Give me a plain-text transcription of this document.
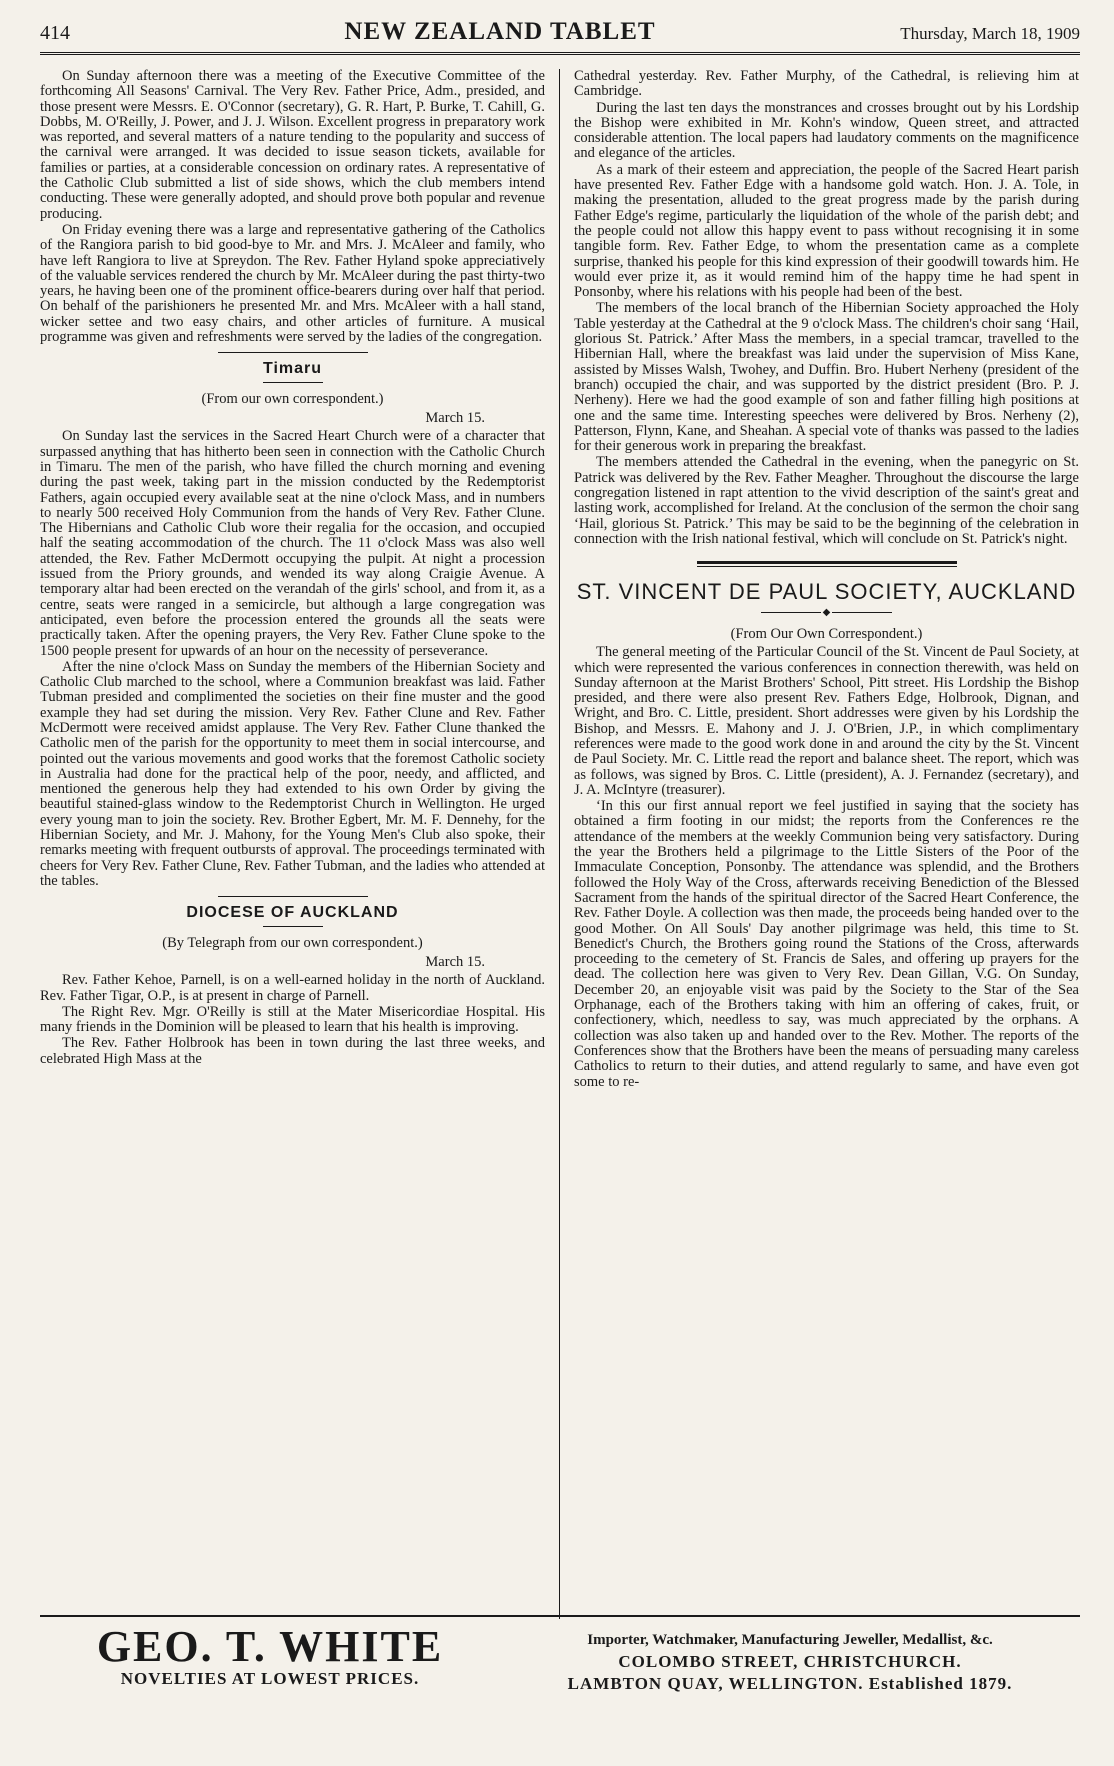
414	NEW ZEALAND TABLET	Thursday, March 18, 1909

On Sunday afternoon there was a meeting of the Executive Committee of the forthcoming All Seasons' Carnival. The Very Rev. Father Price, Adm., presided, and those present were Messrs. E. O'Connor (secretary), G. R. Hart, P. Burke, T. Cahill, G. Dobbs, M. O'Reilly, J. Power, and J. J. Wilson. Excellent progress in preparatory work was reported, and several matters of a nature tending to the popularity and success of the carnival were arranged. It was decided to issue season tickets, available for families or parties, at a considerable concession on ordinary rates. A representative of the Catholic Club submitted a list of side shows, which the club members intend conducting. These were generally adopted, and should prove both popular and revenue producing.

On Friday evening there was a large and representative gathering of the Catholics of the Rangiora parish to bid good-bye to Mr. and Mrs. J. McAleer and family, who have left Rangiora to live at Spreydon. The Rev. Father Hyland spoke appreciatively of the valuable services rendered the church by Mr. McAleer during the past thirty-two years, he having been one of the prominent office-bearers during over half that period. On behalf of the parishioners he presented Mr. and Mrs. McAleer with a hall stand, wicker settee and two easy chairs, and other articles of furniture. A musical programme was given and refreshments were served by the ladies of the congregation.

Timaru
(From our own correspondent.)
March 15.

On Sunday last the services in the Sacred Heart Church were of a character that surpassed anything that has hitherto been seen in connection with the Catholic Church in Timaru. The men of the parish, who have filled the church morning and evening during the past week, taking part in the mission conducted by the Redemptorist Fathers, again occupied every available seat at the nine o'clock Mass, and in numbers to nearly 500 received Holy Communion from the hands of Very Rev. Father Clune. The Hibernians and Catholic Club wore their regalia for the occasion, and occupied half the seating accommodation of the church. The 11 o'clock Mass was also well attended, the Rev. Father McDermott occupying the pulpit. At night a procession issued from the Priory grounds, and wended its way along Craigie Avenue. A temporary altar had been erected on the verandah of the girls' school, and from it, as a centre, seats were ranged in a semicircle, but although a large congregation was anticipated, even before the procession entered the grounds all the seats were practically taken. After the opening prayers, the Very Rev. Father Clune spoke to the 1500 people present for upwards of an hour on the necessity of perseverance.

After the nine o'clock Mass on Sunday the members of the Hibernian Society and Catholic Club marched to the school, where a Communion breakfast was laid. Father Tubman presided and complimented the societies on their fine muster and the good example they had set during the mission. Very Rev. Father Clune and Rev. Father McDermott were received amidst applause. The Very Rev. Father Clune thanked the Catholic men of the parish for the opportunity to meet them in social intercourse, and pointed out the various movements and good works that the foremost Catholic society in Australia had done for the practical help of the poor, needy, and afflicted, and mentioned the generous help they had extended to his own Order by giving the beautiful stained-glass window to the Redemptorist Church in Wellington. He urged every young man to join the society. Rev. Brother Egbert, Mr. M. F. Dennehy, for the Hibernian Society, and Mr. J. Mahony, for the Young Men's Club also spoke, their remarks meeting with frequent outbursts of approval. The proceedings terminated with cheers for Very Rev. Father Clune, Rev. Father Tubman, and the ladies who attended at the tables.

DIOCESE OF AUCKLAND
(By Telegraph from our own correspondent.)
March 15.

Rev. Father Kehoe, Parnell, is on a well-earned holiday in the north of Auckland. Rev. Father Tigar, O.P., is at present in charge of Parnell.

The Right Rev. Mgr. O'Reilly is still at the Mater Misericordiae Hospital. His many friends in the Dominion will be pleased to learn that his health is improving.

The Rev. Father Holbrook has been in town during the last three weeks, and celebrated High Mass at the

Cathedral yesterday. Rev. Father Murphy, of the Cathedral, is relieving him at Cambridge.

During the last ten days the monstrances and crosses brought out by his Lordship the Bishop were exhibited in Mr. Kohn's window, Queen street, and attracted considerable attention. The local papers had laudatory comments on the magnificence and elegance of the articles.

As a mark of their esteem and appreciation, the people of the Sacred Heart parish have presented Rev. Father Edge with a handsome gold watch. Hon. J. A. Tole, in making the presentation, alluded to the great progress made by the parish during Father Edge's regime, particularly the liquidation of the whole of the parish debt; and the people could not allow this happy event to pass without recognising it in some tangible form. Rev. Father Edge, to whom the presentation came as a complete surprise, thanked his people for this kind expression of their goodwill towards him. He would ever prize it, as it would remind him of the happy time he had spent in Ponsonby, where his relations with his people had been of the best.

The members of the local branch of the Hibernian Society approached the Holy Table yesterday at the Cathedral at the 9 o'clock Mass. The children's choir sang ‘Hail, glorious St. Patrick.’ After Mass the members, in a special tramcar, travelled to the Hibernian Hall, where the breakfast was laid under the supervision of Miss Kane, assisted by Misses Walsh, Twohey, and Duffin. Bro. Hubert Nerheny (president of the branch) occupied the chair, and was supported by the district president (Bro. P. J. Nerheny). Here we had the good example of son and father filling high positions at one and the same time. Interesting speeches were delivered by Bros. Nerheny (2), Patterson, Flynn, Kane, and Sheahan. A special vote of thanks was passed to the ladies for their generous work in preparing the breakfast.

The members attended the Cathedral in the evening, when the panegyric on St. Patrick was delivered by the Rev. Father Meagher. Throughout the discourse the large congregation listened in rapt attention to the vivid description of the saint's great and lasting work, accomplished for Ireland. At the conclusion of the sermon the choir sang ‘Hail, glorious St. Patrick.’ This may be said to be the beginning of the celebration in connection with the Irish national festival, which will conclude on St. Patrick's night.

ST. VINCENT DE PAUL SOCIETY, AUCKLAND
◆
(From Our Own Correspondent.)

The general meeting of the Particular Council of the St. Vincent de Paul Society, at which were represented the various conferences in connection therewith, was held on Sunday afternoon at the Marist Brothers' School, Pitt street. His Lordship the Bishop presided, and there were also present Rev. Fathers Edge, Holbrook, Dignan, and Wright, and Bro. C. Little, president. Short addresses were given by his Lordship the Bishop, and Messrs. E. Mahony and J. J. O'Brien, J.P., in which complimentary references were made to the good work done in and around the city by the St. Vincent de Paul Society. Mr. C. Little read the report and balance sheet. The report, which was as follows, was signed by Bros. C. Little (president), A. J. Fernandez (secretary), and J. A. McIntyre (treasurer).

‘In this our first annual report we feel justified in saying that the society has obtained a firm footing in our midst; the reports from the Conferences re the attendance of the members at the weekly Communion being very satisfactory. During the year the Brothers held a pilgrimage to the Little Sisters of the Poor of the Immaculate Conception, Ponsonby. The attendance was splendid, and the Brothers followed the Holy Way of the Cross, afterwards receiving Benediction of the Blessed Sacrament from the hands of the spiritual director of the Sacred Heart Conference, the Rev. Father Doyle. A collection was then made, the proceeds being handed over to the good Mother. On All Souls' Day another pilgrimage was held, this time to St. Benedict's Church, the Brothers going round the Stations of the Cross, afterwards proceeding to the cemetery of St. Francis de Sales, and offering up prayers for the dead. The collection here was given to Very Rev. Dean Gillan, V.G. On Sunday, December 20, an enjoyable visit was paid by the Society to the Star of the Sea Orphanage, each of the Brothers taking with him an offering of cakes, fruit, or confectionery, which, needless to say, was much appreciated by the orphans. A collection was also taken up and handed over to the Rev. Mother. The reports of the Conferences show that the Brothers have been the means of persuading many careless Catholics to return to their duties, and attend regularly to same, and have even got some to re-

GEO. T. WHITE
NOVELTIES AT LOWEST PRICES.
Importer, Watchmaker, Manufacturing Jeweller, Medallist, &c.
COLOMBO STREET, CHRISTCHURCH.
LAMBTON QUAY, WELLINGTON. Established 1879.
